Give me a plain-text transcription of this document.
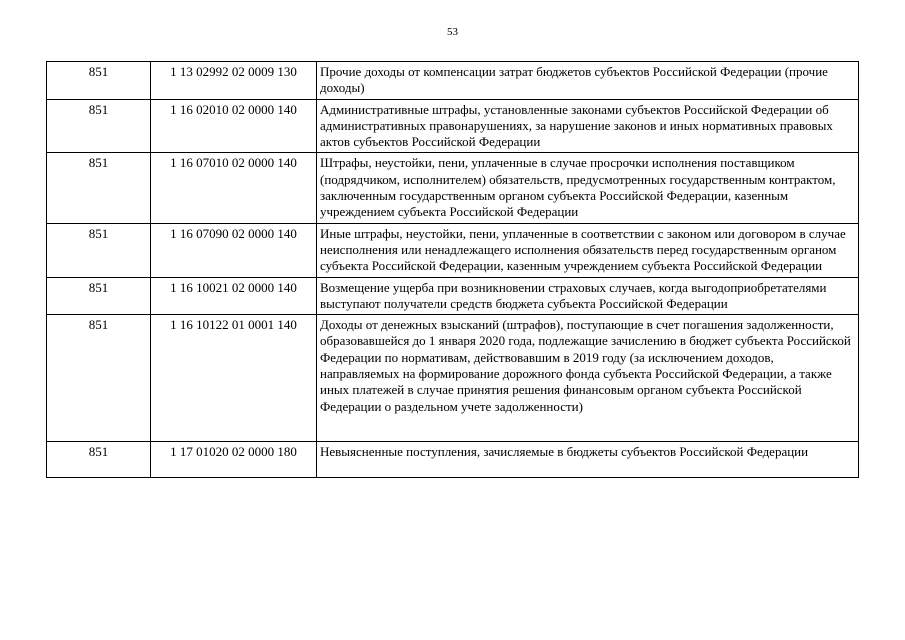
53
851	1 13 02992 02 0009 130	Прочие доходы от компенсации затрат бюджетов субъектов Российской Федерации (прочие доходы)
851	1 16 02010 02 0000 140	Административные штрафы, установленные законами субъектов Российской Федерации об административных правонарушениях, за нарушение законов и иных нормативных правовых актов субъектов Российской Федерации
851	1 16 07010 02 0000 140	Штрафы, неустойки, пени, уплаченные в случае просрочки исполнения поставщиком (подрядчиком, исполнителем) обязательств, предусмотренных государственным контрактом, заключенным государственным органом субъекта Российской Федерации, казенным учреждением субъекта Российской Федерации
851	1 16 07090 02 0000 140	Иные штрафы, неустойки, пени, уплаченные в соответствии с законом или договором в случае неисполнения или ненадлежащего исполнения обязательств перед государственным органом субъекта Российской Федерации, казенным учреждением субъекта Российской Федерации
851	1 16 10021 02 0000 140	Возмещение ущерба при возникновении страховых случаев, когда выгодоприобретателями выступают получатели средств бюджета субъекта Российской Федерации
851	1 16 10122 01 0001 140	Доходы от денежных взысканий (штрафов), поступающие в счет погашения задолженности, образовавшейся до 1 января 2020 года, подлежащие зачислению в бюджет субъекта Российской Федерации по нормативам, действовавшим в 2019 году (за исключением доходов, направляемых на формирование дорожного фонда субъекта Российской Федерации, а также иных платежей в случае принятия решения финансовым органом субъекта Российской Федерации о раздельном учете задолженности)
851	1 17 01020 02 0000 180	Невыясненные поступления, зачисляемые в бюджеты субъектов Российской Федерации
